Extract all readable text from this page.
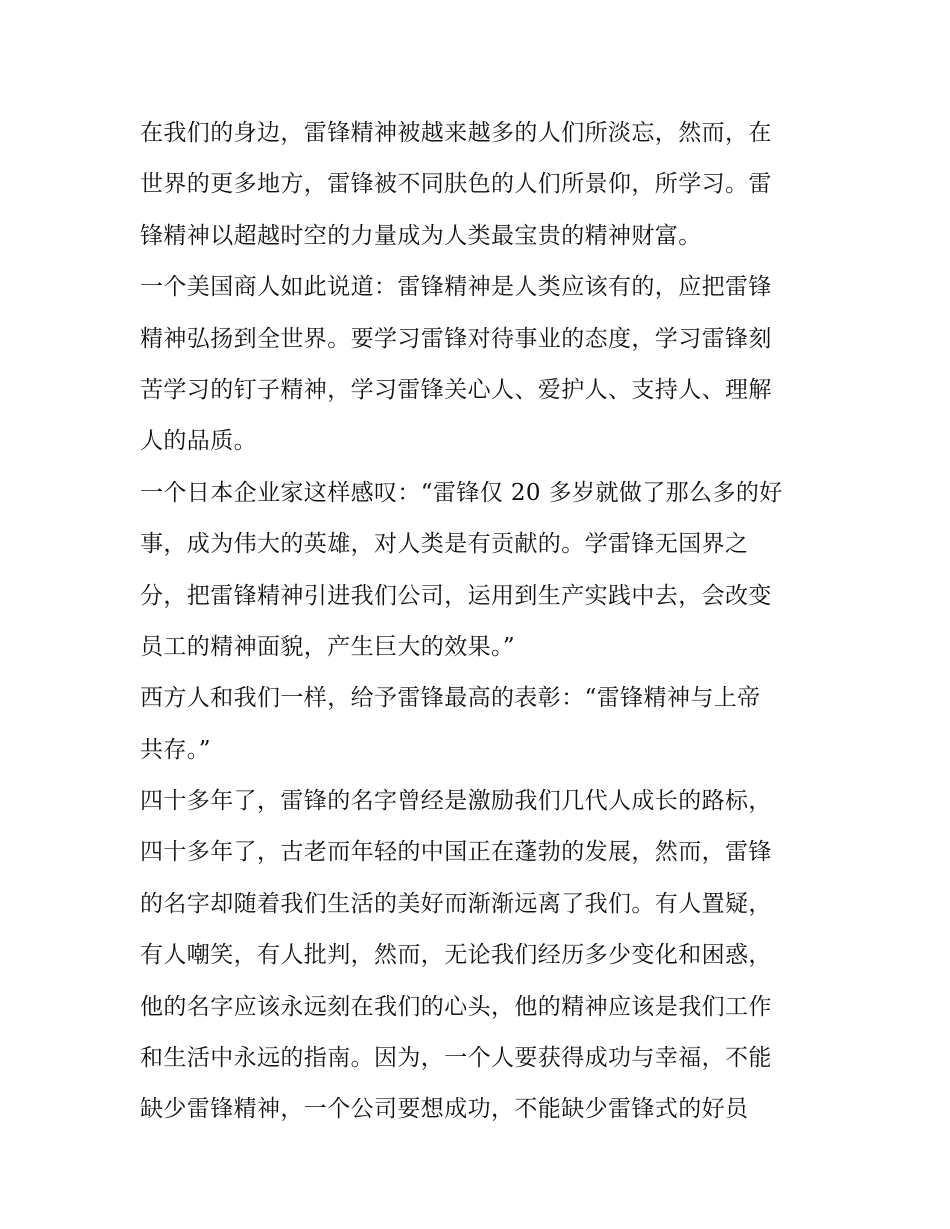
在我们的身边，雷锋精神被越来越多的人们所淡忘，然而，在
世界的更多地方，雷锋被不同肤色的人们所景仰，所学习。雷
锋精神以超越时空的力量成为人类最宝贵的精神财富。
一个美国商人如此说道：雷锋精神是人类应该有的，应把雷锋
精神弘扬到全世界。要学习雷锋对待事业的态度，学习雷锋刻
苦学习的钉子精神，学习雷锋关心人、爱护人、支持人、理解
人的品质。
一个日本企业家这样感叹：“雷锋仅 20 多岁就做了那么多的好
事，成为伟大的英雄，对人类是有贡献的。学雷锋无国界之
分，把雷锋精神引进我们公司，运用到生产实践中去，会改变
员工的精神面貌，产生巨大的效果。”
西方人和我们一样，给予雷锋最高的表彰：“雷锋精神与上帝
共存。”
四十多年了，雷锋的名字曾经是激励我们几代人成长的路标，
四十多年了，古老而年轻的中国正在蓬勃的发展，然而，雷锋
的名字却随着我们生活的美好而渐渐远离了我们。有人置疑，
有人嘲笑，有人批判，然而，无论我们经历多少变化和困惑，
他的名字应该永远刻在我们的心头，他的精神应该是我们工作
和生活中永远的指南。因为，一个人要获得成功与幸福，不能
缺少雷锋精神，一个公司要想成功，不能缺少雷锋式的好员
